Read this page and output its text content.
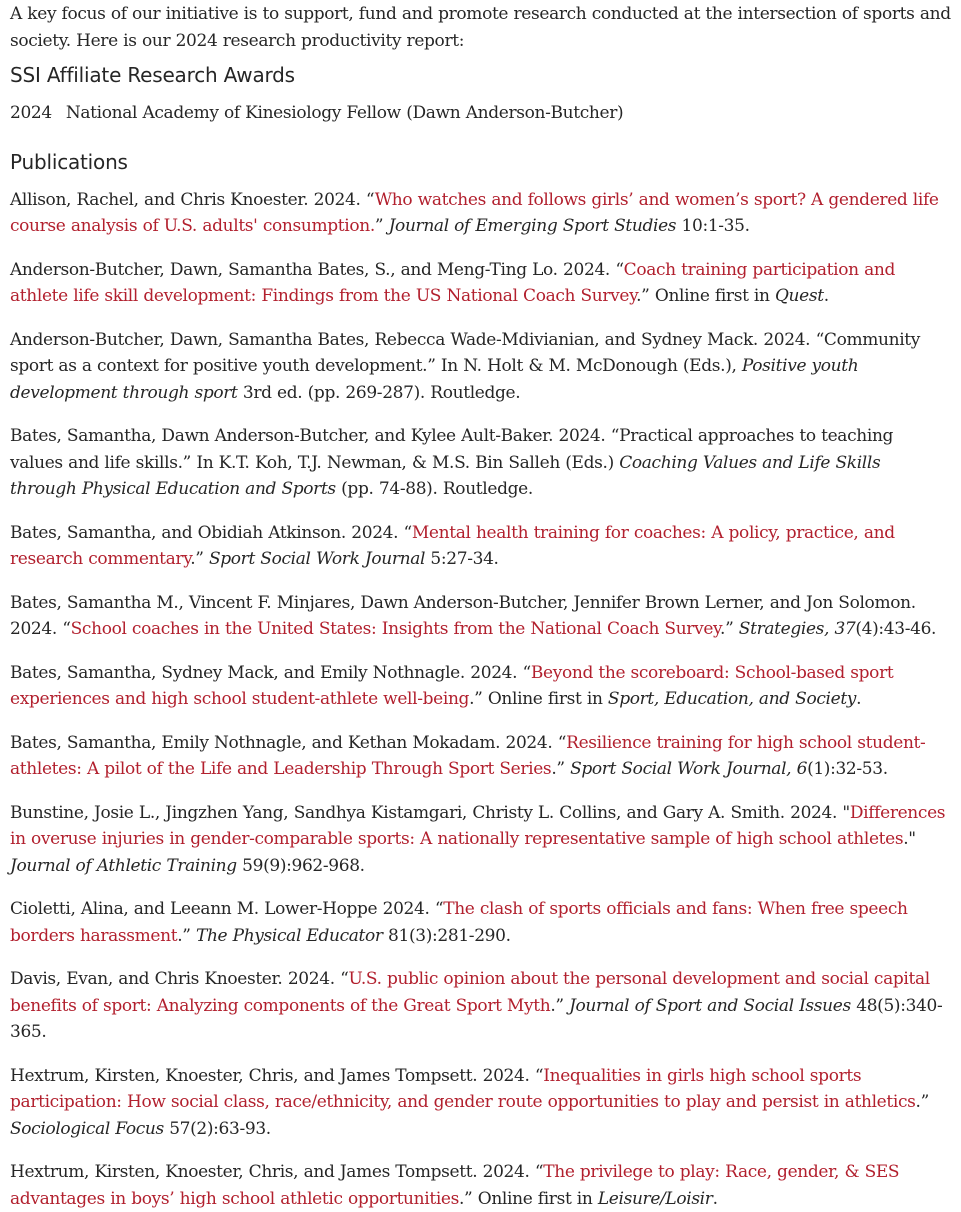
A key focus of our initiative is to support, fund and promote research conducted at the intersection of sports and society. Here is our 2024 research productivity report:

SSI Affiliate Research Awards

2024 National Academy of Kinesiology Fellow (Dawn Anderson-Butcher)

Publications

Allison, Rachel, and Chris Knoester. 2024. “Who watches and follows girls’ and women’s sport? A gendered life course analysis of U.S. adults' consumption.” Journal of Emerging Sport Studies 10:1-35.

Anderson-Butcher, Dawn, Samantha Bates, S., and Meng-Ting Lo. 2024. “Coach training participation and athlete life skill development: Findings from the US National Coach Survey.” Online first in Quest.

Anderson-Butcher, Dawn, Samantha Bates, Rebecca Wade-Mdivianian, and Sydney Mack. 2024. “Community sport as a context for positive youth development.” In N. Holt & M. McDonough (Eds.), Positive youth development through sport 3rd ed. (pp. 269-287). Routledge.

Bates, Samantha, Dawn Anderson-Butcher, and Kylee Ault-Baker. 2024. “Practical approaches to teaching values and life skills.” In K.T. Koh, T.J. Newman, & M.S. Bin Salleh (Eds.) Coaching Values and Life Skills through Physical Education and Sports (pp. 74-88). Routledge.

Bates, Samantha, and Obidiah Atkinson. 2024. “Mental health training for coaches: A policy, practice, and research commentary.” Sport Social Work Journal 5:27-34.

Bates, Samantha M., Vincent F. Minjares, Dawn Anderson-Butcher, Jennifer Brown Lerner, and Jon Solomon. 2024. “School coaches in the United States: Insights from the National Coach Survey.” Strategies, 37(4):43-46.

Bates, Samantha, Sydney Mack, and Emily Nothnagle. 2024. “Beyond the scoreboard: School-based sport experiences and high school student-athlete well-being.” Online first in Sport, Education, and Society.

Bates, Samantha, Emily Nothnagle, and Kethan Mokadam. 2024. “Resilience training for high school student-athletes: A pilot of the Life and Leadership Through Sport Series.” Sport Social Work Journal, 6(1):32-53.

Bunstine, Josie L., Jingzhen Yang, Sandhya Kistamgari, Christy L. Collins, and Gary A. Smith. 2024. "Differences in overuse injuries in gender-comparable sports: A nationally representative sample of high school athletes." Journal of Athletic Training 59(9):962-968.

Cioletti, Alina, and Leeann M. Lower-Hoppe 2024. “The clash of sports officials and fans: When free speech borders harassment.” The Physical Educator 81(3):281-290.

Davis, Evan, and Chris Knoester. 2024. “U.S. public opinion about the personal development and social capital benefits of sport: Analyzing components of the Great Sport Myth.” Journal of Sport and Social Issues 48(5):340-365.

Hextrum, Kirsten, Knoester, Chris, and James Tompsett. 2024. “Inequalities in girls high school sports participation: How social class, race/ethnicity, and gender route opportunities to play and persist in athletics.” Sociological Focus 57(2):63-93.

Hextrum, Kirsten, Knoester, Chris, and James Tompsett. 2024. “The privilege to play: Race, gender, & SES advantages in boys’ high school athletic opportunities.” Online first in Leisure/Loisir.
